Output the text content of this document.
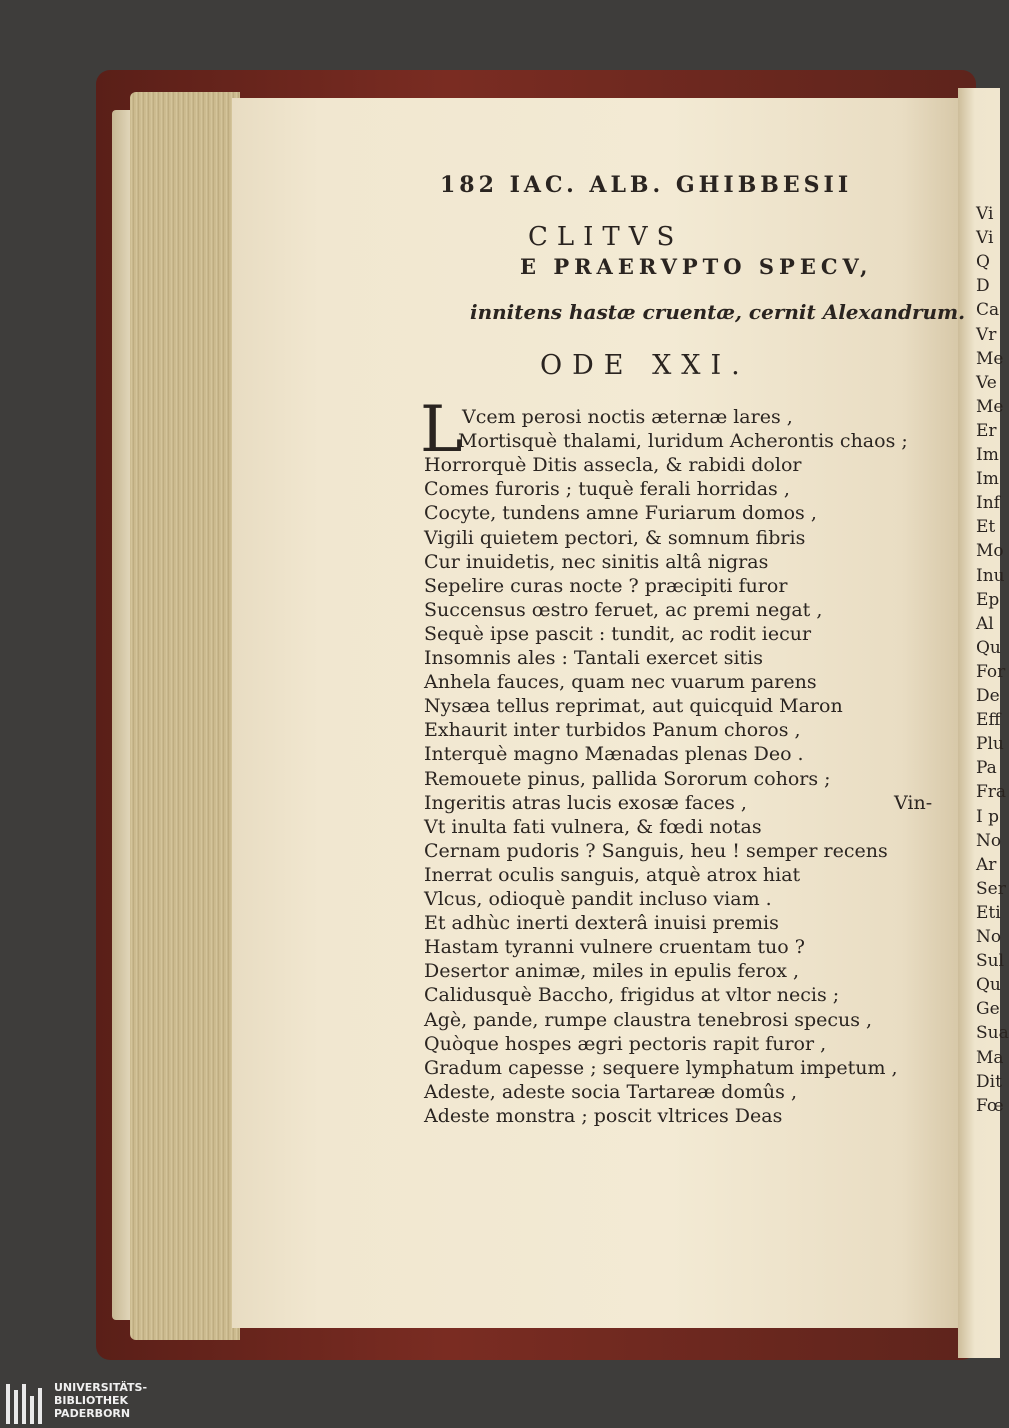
Vi
Vi
Q
D
Ca
Vr
Me
Ve
Me
Er
Im
Im
Inf
Et
Mo
Inu
Ep
Al
Qu
For
De
Eff
Plu
Pa
Fra
I p
No
Ar
Ser
Eti
No
Sul
Qu
Ge
Sua
Ma
Dit
Fœ
182 IAC. ALB. GHIBBESII
CLITVS
E PRAERVPTO SPECV,
innitens hastæ cruentæ, cernit Alexandrum.
ODE XXI.
L Vcem perosi noctis æternæ lares ,
Mortisquè thalami, luridum Acherontis chaos ;
Horrorquè Ditis assecla, & rabidi dolor
Comes furoris ; tuquè ferali horridas ,
Cocyte, tundens amne Furiarum domos ,
Vigili quietem pectori, & somnum fibris
Cur inuidetis, nec sinitis altâ nigras
Sepelire curas nocte ? præcipiti furor
Succensus œstro feruet, ac premi negat ,
Sequè ipse pascit : tundit, ac rodit iecur
Insomnis ales : Tantali exercet sitis
Anhela fauces, quam nec vuarum parens
Nysæa tellus reprimat, aut quicquid Maron
Exhaurit inter turbidos Panum choros ,
Interquè magno Mænadas plenas Deo .
Remouete pinus, pallida Sororum cohors ;
Ingeritis atras lucis exosæ faces ,
Vt inulta fati vulnera, & fœdi notas
Cernam pudoris ? Sanguis, heu ! semper recens
Inerrat oculis sanguis, atquè atrox hiat
Vlcus, odioquè pandit incluso viam .
Et adhùc inerti dexterâ inuisi premis
Hastam tyranni vulnere cruentam tuo ?
Desertor animæ, miles in epulis ferox ,
Calidusquè Baccho, frigidus at vltor necis ;
Agè, pande, rumpe claustra tenebrosi specus ,
Quòque hospes ægri pectoris rapit furor ,
Gradum capesse ; sequere lymphatum impetum ,
Adeste, adeste socia Tartareæ domûs ,
Adeste monstra ; poscit vltrices Deas
Vin-
UNIVERSITÄTS-
BIBLIOTHEK
PADERBORN
